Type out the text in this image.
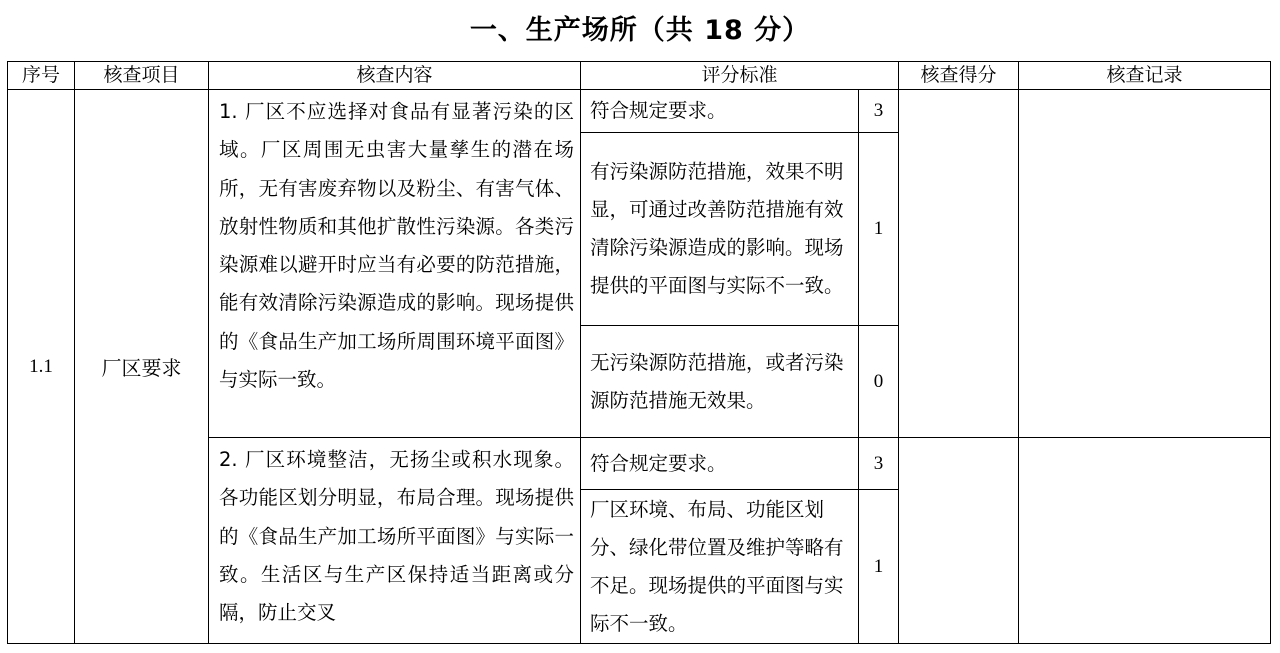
一、生产场所（共 18 分）
序号	核查项目	核查内容	评分标准		核查得分	核查记录
1.1	厂区要求	1. 厂区不应选择对食品有显著污染的区域。厂区周围无虫害大量孳生的潜在场所，无有害废弃物以及粉尘、有害气体、放射性物质和其他扩散性污染源。各类污染源难以避开时应当有必要的防范措施，能有效清除污染源造成的影响。现场提供的《食品生产加工场所周围环境平面图》与实际一致。	符合规定要求。	3		
			有污染源防范措施，效果不明显，可通过改善防范措施有效清除污染源造成的影响。现场提供的平面图与实际不一致。	1		
			无污染源防范措施，或者污染源防范措施无效果。	0		
		2. 厂区环境整洁，无扬尘或积水现象。各功能区划分明显，布局合理。现场提供的《食品生产加工场所平面图》与实际一致。生活区与生产区保持适当距离或分隔，防止交叉	符合规定要求。	3		
			厂区环境、布局、功能区划分、绿化带位置及维护等略有不足。现场提供的平面图与实际不一致。	1		
